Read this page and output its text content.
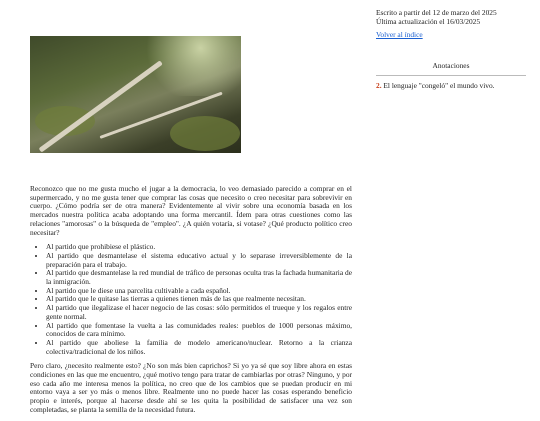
Reconozco que no me gusta mucho el jugar a la democracia, lo veo demasiado parecido a comprar en el supermercado, y no me gusta tener que comprar las cosas que necesito o creo necesitar para sobrevivir en cuerpo. ¿Cómo podría ser de otra manera? Evidentemente al vivir sobre una economía basada en los mercados nuestra política acaba adoptando una forma mercantil. Ídem para otras cuestiones como las relaciones "amorosas" o la búsqueda de "empleo". ¿A quién votaría, si votase? ¿Qué producto político creo necesitar?

• Al partido que prohibiese el plástico.
• Al partido que desmantelase el sistema educativo actual y lo separase irreversiblemente de la preparación para el trabajo.
• Al partido que desmantelase la red mundial de tráfico de personas oculta tras la fachada humanitaria de la inmigración.
• Al partido que le diese una parcelita cultivable a cada español.
• Al partido que le quitase las tierras a quienes tienen más de las que realmente necesitan.
• Al partido que ilegalizase el hacer negocio de las cosas: sólo permitidos el trueque y los regalos entre gente normal.
• Al partido que fomentase la vuelta a las comunidades reales: pueblos de 1000 personas máximo, conocidos de cara mínimo.
• Al partido que aboliese la familia de modelo americano/nuclear. Retorno a la crianza colectiva/tradicional de los niños.

Pero claro, ¿necesito realmente esto? ¿No son más bien caprichos? Si yo ya sé que soy libre ahora en estas condiciones en las que me encuentro, ¿qué motivo tengo para tratar de cambiarlas por otras? Ninguno, y por eso cada año me interesa menos la política, no creo que de los cambios que se puedan producir en mi entorno vaya a ser yo más o menos libre. Realmente uno no puede hacer las cosas esperando beneficio propio e interés, porque al hacerse desde ahí se les quita la posibilidad de satisfacer una vez son completadas, se planta la semilla de la necesidad futura.

Escrito a partir del 12 de marzo del 2025
Última actualización el 16/03/2025
Volver al índice
Anotaciones
2. El lenguaje "congeló" el mundo vivo.
